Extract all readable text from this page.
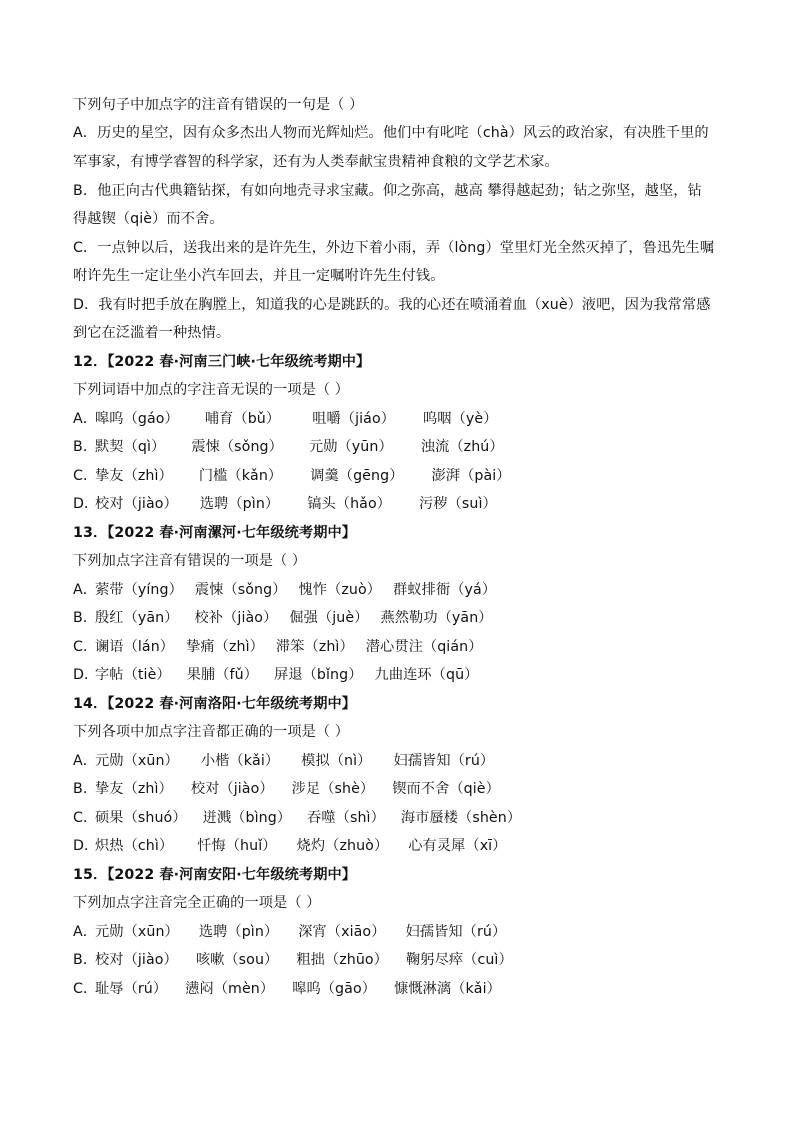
下列句子中加点字的注音有错误的一句是（ ）
A．历史的星空，因有众多杰出人物而光辉灿烂。他们中有叱咤（chà）风云的政治家，有决胜千里的
军事家，有博学睿智的科学家，还有为人类奉献宝贵精神食粮的文学艺术家。
B．他正向古代典籍钻探，有如向地壳寻求宝藏。仰之弥高，越高 攀得越起劲；钻之弥坚，越坚，钻
得越锲（qiè）而不舍。
C．一点钟以后，送我出来的是许先生，外边下着小雨，弄（lòng）堂里灯光全然灭掉了，鲁迅先生嘱
咐许先生一定让坐小汽车回去，并且一定嘱咐许先生付钱。
D．我有时把手放在胸膛上，知道我的心是跳跃的。我的心还在喷涌着血（xuè）液吧，因为我常常感
到它在泛滥着一种热情。
12．【2022 春·河南三门峡·七年级统考期中】
下列词语中加点的字注音无误的一项是（ ）
A．嗥呜（gáo） 哺育（bǔ） 咀嚼（jiáo） 呜咽（yè）
B．默契（qì） 震悚（sǒng） 元勋（yūn） 浊流（zhú）
C．挚友（zhì） 门槛（kǎn） 调羹（gēng） 澎湃（pài）
D．校对（jiào） 选聘（pìn） 镐头（hǎo） 污秽（suì）
13．【2022 春·河南漯河·七年级统考期中】
下列加点字注音有错误的一项是（ ）
A．萦带（yíng） 震悚（sǒng） 愧怍（zuò） 群蚁排衙（yá）
B．殷红（yān） 校补（jiào） 倔强（juè） 燕然勒功（yān）
C．谰语（lán） 挚痛（zhì） 滞笨（zhì） 潜心贯注（qián）
D．字帖（tiè） 果脯（fǔ） 屏退（bǐng） 九曲连环（qū）
14．【2022 春·河南洛阳·七年级统考期中】
下列各项中加点字注音都正确的一项是（ ）
A．元勋（xūn） 小楷（kǎi） 模拟（nì） 妇孺皆知（rú）
B．挚友（zhì） 校对（jiào） 涉足（shè） 锲而不舍（qiè）
C．硕果（shuó） 迸溅（bìng） 吞噬（shì） 海市蜃楼（shèn）
D．炽热（chì） 忏悔（huǐ） 烧灼（zhuò） 心有灵犀（xī）
15．【2022 春·河南安阳·七年级统考期中】
下列加点字注音完全正确的一项是（ ）
A．元勋（xūn） 选聘（pìn） 深宵（xiāo） 妇孺皆知（rú）
B．校对（jiào） 咳嗽（sou） 粗拙（zhūo） 鞠躬尽瘁（cuì）
C．耻辱（rú） 懑闷（mèn） 嗥呜（gāo） 慷慨淋漓（kǎi）
